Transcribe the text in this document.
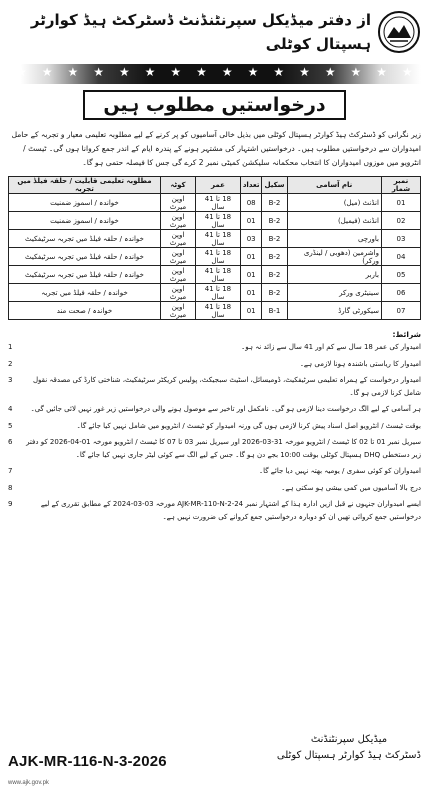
از دفتر میڈیکل سپرنٹنڈنٹ ڈسٹرکٹ ہیڈ کوارٹر ہسپتال کوٹلی
★ ★ ★ ★ ★ ★ ★ ★ ★ ★ ★ ★ ★ ★ ★ ★
درخواستیں مطلوب ہیں
زیر نگرانی کو ڈسٹرکٹ ہیڈ کوارٹر ہسپتال کوٹلی میں بذیل خالی آسامیوں کو پر کرنے کے لیے مطلوبہ تعلیمی معیار و تجربہ کے حامل امیدواران سے درخواستیں مطلوب ہیں۔ درخواستیں اشتہار کی مشتہر ہونے کے پندرہ ایام کے اندر جمع کروانا ہوں گی۔ ٹیسٹ / انٹرویو میں موزوں امیدواران کا انتخاب محکمانہ سلیکشن کمیٹی نمبر 2 کرے گی جس کا فیصلہ حتمی ہو گا۔
نمبر شمار	نام آسامی	سکیل	تعداد	عمر	کوٹہ	مطلوبہ تعلیمی قابلیت / حلقہ فیلڈ میں تجربہ
01	انڈنٹ (میل)	B-2	08	18 تا 41 سال	اوپن میرٹ	خواندہ / اسموز ضمنیت
02	انڈنٹ (فیمیل)	B-2	01	18 تا 41 سال	اوپن میرٹ	خواندہ / اسموز ضمنیت
03	باورچی	B-2	03	18 تا 41 سال	اوپن میرٹ	خواندہ / حلقہ فیلڈ میں تجربہ سرٹیفکیٹ
04	واشرمین (دھوبی / لینڈری ورکر)	B-2	01	18 تا 41 سال	اوپن میرٹ	خواندہ / حلقہ فیلڈ میں تجربہ سرٹیفکیٹ
05	باربر	B-2	01	18 تا 41 سال	اوپن میرٹ	خواندہ / حلقہ فیلڈ میں تجربہ سرٹیفکیٹ
06	سینیٹری ورکر	B-2	01	18 تا 41 سال	اوپن میرٹ	خواندہ / حلقہ فیلڈ میں تجربہ
07	سیکورٹی گارڈ	B-1	01	18 تا 41 سال	اوپن میرٹ	خواندہ / صحت مند
شرائط:
امیدوار کی عمر 18 سال سے کم اور 41 سال سے زائد نہ ہو۔
1
امیدوار کا ریاستی باشندہ ہونا لازمی ہے۔
2
امیدوار درخواست کے ہمراہ تعلیمی سرٹیفکیٹ، ڈومیسائل، اسٹیٹ سبجیکٹ، پولیس کریکٹر سرٹیفکیٹ، شناختی کارڈ کی مصدقہ نقول شامل کرنا لازمی ہو گا۔
3
ہر آسامی کے لیے الگ درخواست دینا لازمی ہو گی۔ نامکمل اور تاخیر سے موصول ہونے والی درخواستیں زیر غور نہیں لائی جائیں گی۔
4
بوقت ٹیسٹ / انٹرویو اصل اسناد پیش کرنا لازمی ہوں گی ورنہ امیدوار کو ٹیسٹ / انٹرویو میں شامل نہیں کیا جائے گا۔
5
سیریل نمبر 01 تا 02 کا ٹیسٹ / انٹرویو مورخہ 31-03-2026 اور سیریل نمبر 03 تا 07 کا ٹیسٹ / انٹرویو مورخہ 01-04-2026 کو دفتر زیر دستخطی DHQ ہسپتال کوٹلی بوقت 10:00 بجے دن ہو گا۔ جس کے لیے الگ سے کوئی لیٹر جاری نہیں کیا جائے گا۔
6
امیدواران کو کوئی سفری / یومیہ بھتہ نہیں دیا جائے گا۔
7
درج بالا آسامیوں میں کمی بیشی ہو سکتی ہے۔
8
ایسے امیدواران جنہوں نے قبل ازیں ادارہ ہذا کے اشتہار نمبر AJK-MR-110-N-2-24 مورخہ 03-03-2024 کے مطابق تقرری کے لیے درخواستیں جمع کروائی تھیں ان کو دوبارہ درخواستیں جمع کروانے کی ضرورت نہیں ہے۔
9
میڈیکل سپرنٹنڈنٹ
ڈسٹرکٹ ہیڈ کوارٹر ہسپتال کوٹلی
AJK-MR-116-N-3-2026
www.ajk.gov.pk
